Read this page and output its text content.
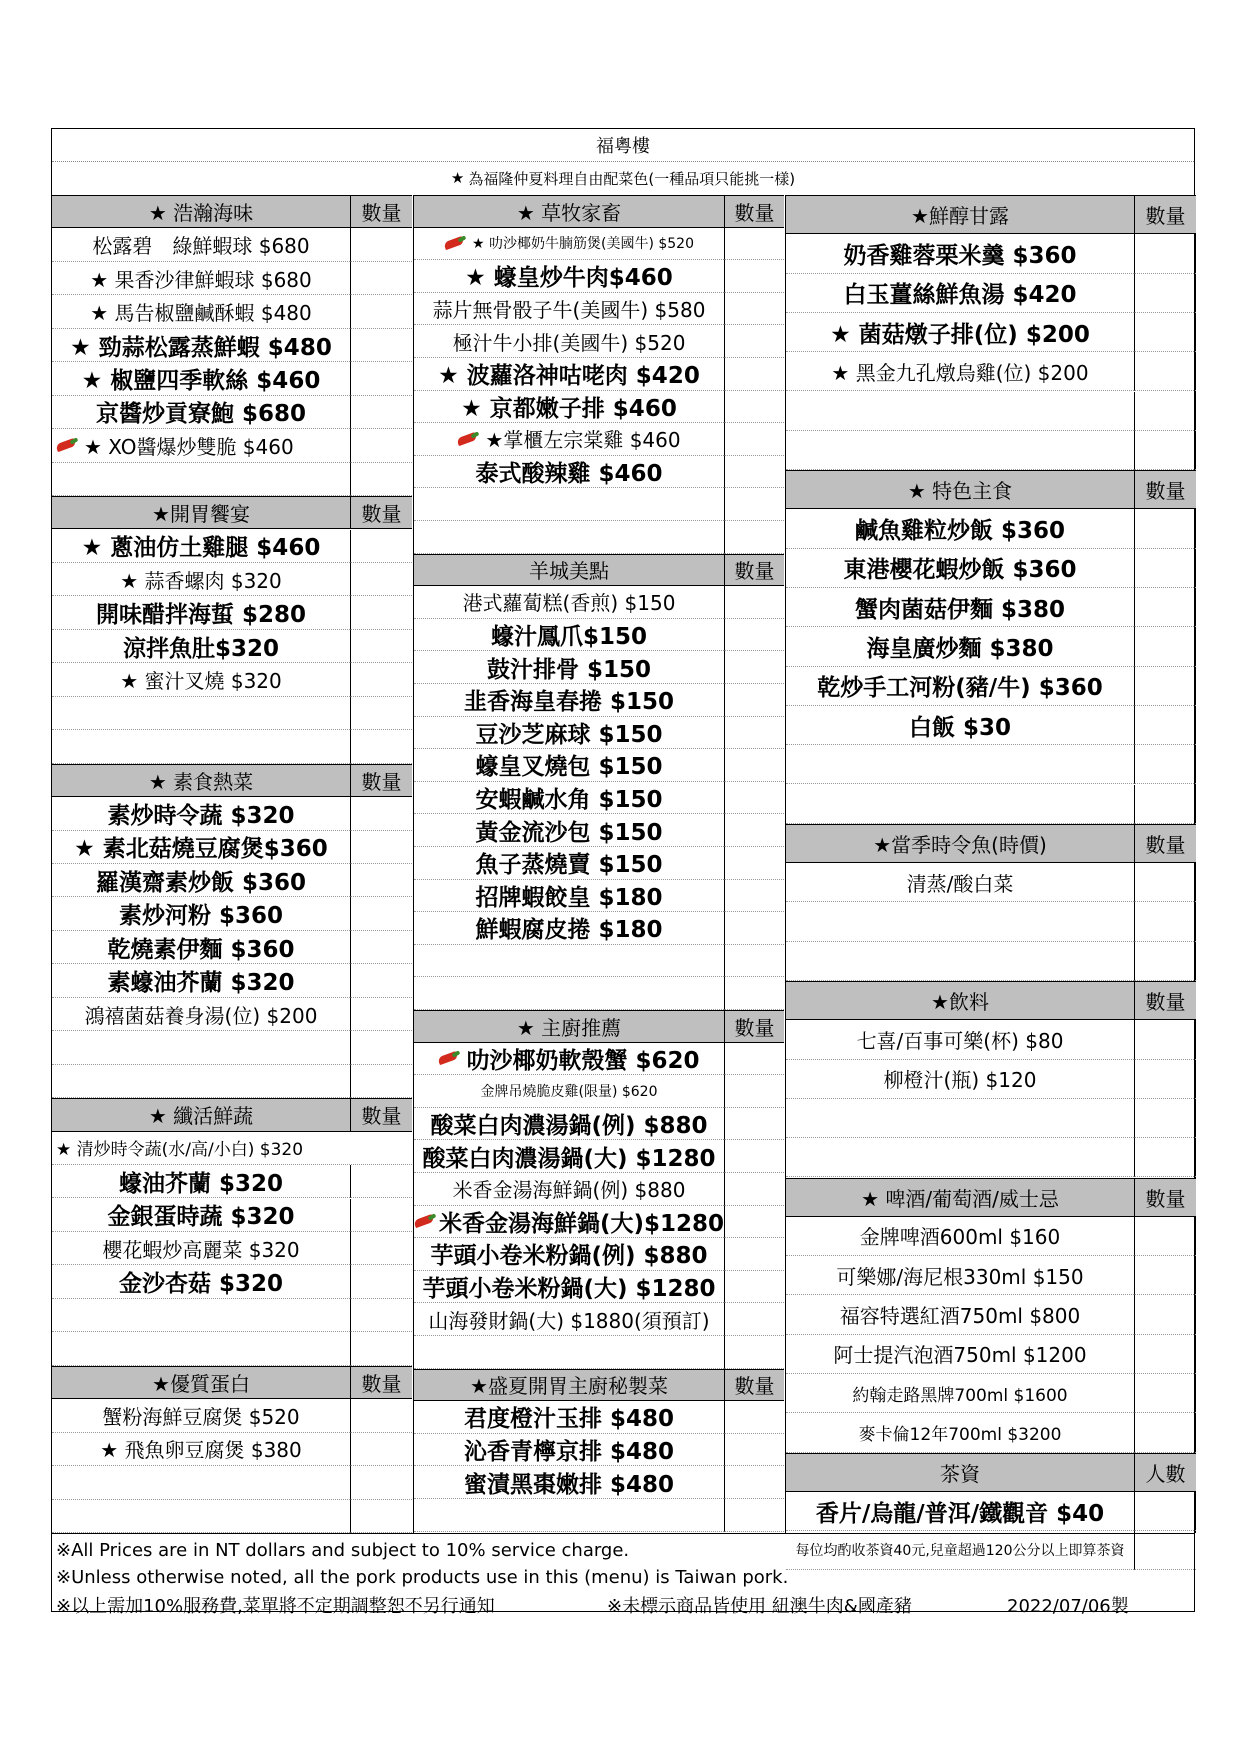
福粵樓
★ 為福隆仲夏料理自由配菜色(一種品項只能挑一樣)
★ 浩瀚海味	數量
松露碧　綠鮮蝦球 $680
★ 果香沙律鮮蝦球 $680
★ 馬告椒鹽鹹酥蝦 $480
★ 勁蒜松露蒸鮮蝦 $480
★ 椒鹽四季軟絲 $460
京醬炒貢寮鮑 $680
★ XO醬爆炒雙脆 $460
★開胃饗宴	數量
★ 蔥油仿土雞腿 $460
★ 蒜香螺肉 $320
開味醋拌海蜇 $280
涼拌魚肚$320
★ 蜜汁叉燒 $320
★ 素食熱菜	數量
素炒時令蔬 $320
★ 素北菇燒豆腐煲$360
羅漢齋素炒飯 $360
素炒河粉 $360
乾燒素伊麵 $360
素蠔油芥蘭 $320
鴻禧菌菇養身湯(位) $200
★ 纖活鮮蔬	數量
★ 清炒時令蔬(水/高/小白) $320
蠔油芥蘭 $320
金銀蛋時蔬 $320
櫻花蝦炒高麗菜 $320
金沙杏菇 $320
★優質蛋白	數量
蟹粉海鮮豆腐煲 $520
★ 飛魚卵豆腐煲 $380
★ 草牧家畜	數量
★ 叻沙椰奶牛腩筋煲(美國牛) $520
★ 蠔皇炒牛肉$460
蒜片無骨骰子牛(美國牛) $580
極汁牛小排(美國牛) $520
★ 波蘿洛神咕咾肉 $420
★ 京都嫩子排 $460
★掌櫃左宗棠雞 $460
泰式酸辣雞 $460
羊城美點	數量
港式蘿蔔糕(香煎) $150
蠔汁鳳爪$150
鼓汁排骨 $150
韭香海皇春捲 $150
豆沙芝麻球 $150
蠔皇叉燒包 $150
安蝦鹹水角 $150
黃金流沙包 $150
魚子蒸燒賣 $150
招牌蝦餃皇 $180
鮮蝦腐皮捲 $180
★ 主廚推薦	數量
叻沙椰奶軟殼蟹 $620
金牌吊燒脆皮雞(限量) $620
酸菜白肉濃湯鍋(例) $880
酸菜白肉濃湯鍋(大) $1280
米香金湯海鮮鍋(例) $880
米香金湯海鮮鍋(大)$1280
芋頭小卷米粉鍋(例) $880
芋頭小卷米粉鍋(大) $1280
山海發財鍋(大) $1880(須預訂)
★盛夏開胃主廚秘製菜	數量
君度橙汁玉排 $480
沁香青檸京排 $480
蜜漬黑棗嫩排 $480
★鮮醇甘露	數量
奶香雞蓉栗米羹 $360
白玉薑絲鮮魚湯 $420
★ 菌菇燉子排(位) $200
★ 黑金九孔燉烏雞(位) $200
★ 特色主食	數量
鹹魚雞粒炒飯 $360
東港櫻花蝦炒飯 $360
蟹肉菌菇伊麵 $380
海皇廣炒麵 $380
乾炒手工河粉(豬/牛) $360
白飯 $30
★當季時令魚(時價)	數量
清蒸/酸白菜
★飲料	數量
七喜/百事可樂(杯) $80
柳橙汁(瓶) $120
★ 啤酒/葡萄酒/威士忌	數量
金牌啤酒600ml $160
可樂娜/海尼根330ml $150
福容特選紅酒750ml $800
阿士提汽泡酒750ml $1200
約翰走路黑牌700ml $1600
麥卡倫12年700ml $3200
茶資	人數
香片/烏龍/普洱/鐵觀音 $40
每位均酌收茶資40元,兒童超過120公分以上即算茶資
※All Prices are in NT dollars and subject to 10% service charge.
※Unless otherwise noted, all the pork products use in this (menu) is Taiwan pork.
※以上需加10%服務費,菜單將不定期調整恕不另行通知	※未標示商品皆使用 紐澳牛肉&國產豬	2022/07/06製
